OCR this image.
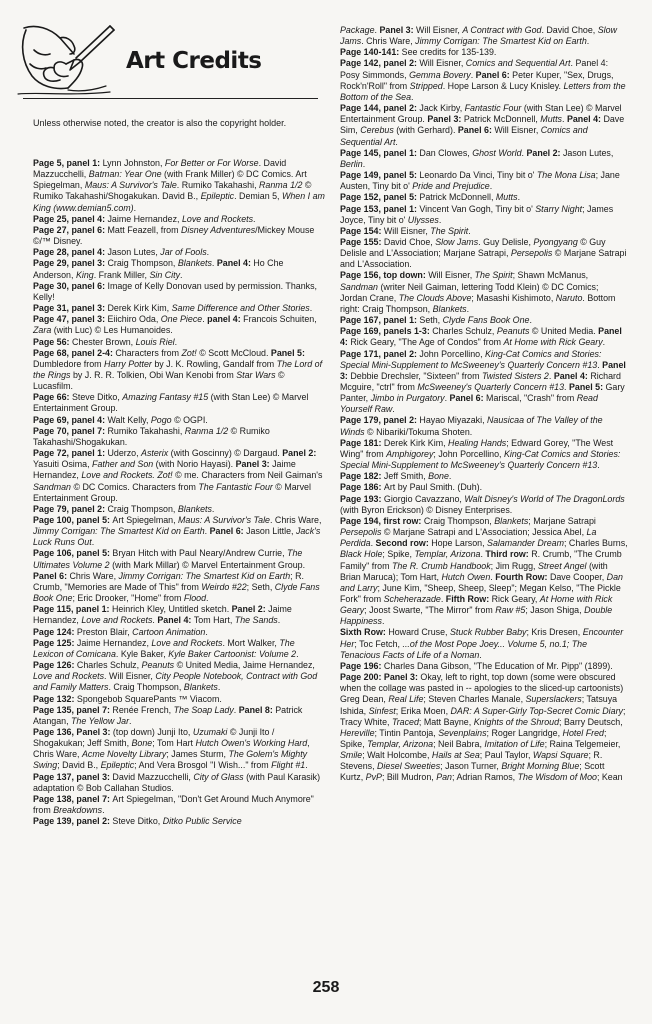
Art Credits

Unless otherwise noted, the creator is also the copyright holder.

Page 5, panel 1: Lynn Johnston, For Better or For Worse. David Mazzucchelli, Batman: Year One (with Frank Miller) © DC Comics. Art Spiegelman, Maus: A Survivor's Tale. Rumiko Takahashi, Ranma 1/2 © Rumiko Takahashi/Shogakukan. David B., Epileptic. Demian 5, When I am King (www.demian5.com).

Page 25, panel 4: Jaime Hernandez, Love and Rockets.

Page 27, panel 6: Matt Feazell, from Disney Adventures/Mickey Mouse ©/™ Disney.

Page 28, panel 4: Jason Lutes, Jar of Fools.

Page 29, panel 3: Craig Thompson, Blankets. Panel 4: Ho Che Anderson, King. Frank Miller, Sin City.

Page 30, panel 6: Image of Kelly Donovan used by permission. Thanks, Kelly!

Page 31, panel 3: Derek Kirk Kim, Same Difference and Other Stories.

Page 47, panel 3: Eiichiro Oda, One Piece. panel 4: Francois Schuiten, Zara (with Luc) © Les Humanoides.

Page 56: Chester Brown, Louis Riel.

Page 68, panel 2-4: Characters from Zot! © Scott McCloud. Panel 5: Dumbledore from Harry Potter by J. K. Rowling, Gandalf from The Lord of the Rings by J. R. R. Tolkien, Obi Wan Kenobi from Star Wars © Lucasfilm.

Page 66: Steve Ditko, Amazing Fantasy #15 (with Stan Lee) © Marvel Entertainment Group.

Page 69, panel 4: Walt Kelly, Pogo © OGPI.

Page 70, panel 7: Rumiko Takahashi, Ranma 1/2 © Rumiko Takahashi/Shogakukan.

Page 72, panel 1: Uderzo, Asterix (with Goscinny) © Dargaud. Panel 2: Yasuiti Osima, Father and Son (with Norio Hayasi). Panel 3: Jaime Hernandez, Love and Rockets. Zot! © me. Characters from Neil Gaiman's Sandman © DC Comics. Characters from The Fantastic Four © Marvel Entertainment Group.

Page 79, panel 2: Craig Thompson, Blankets.

Page 100, panel 5: Art Spiegelman, Maus: A Survivor's Tale. Chris Ware, Jimmy Corrigan: The Smartest Kid on Earth. Panel 6: Jason Little, Jack's Luck Runs Out.

Page 106, panel 5: Bryan Hitch with Paul Neary/Andrew Currie, The Ultimates Volume 2 (with Mark Millar) © Marvel Entertainment Group. Panel 6: Chris Ware, Jimmy Corrigan: The Smartest Kid on Earth; R. Crumb, "Memories are Made of This" from Weirdo #22; Seth, Clyde Fans Book One; Eric Drooker, "Home" from Flood.

Page 115, panel 1: Heinrich Kley, Untitled sketch. Panel 2: Jaime Hernandez, Love and Rockets. Panel 4: Tom Hart, The Sands.

Page 124: Preston Blair, Cartoon Animation.

Page 125: Jaime Hernandez, Love and Rockets. Mort Walker, The Lexicon of Comicana. Kyle Baker, Kyle Baker Cartoonist: Volume 2.

Page 126: Charles Schulz, Peanuts © United Media, Jaime Hernandez, Love and Rockets. Will Eisner, City People Notebook, Contract with God and Family Matters. Craig Thompson, Blankets.

Page 132: Spongebob SquarePants ™ Viacom.

Page 135, panel 7: Renée French, The Soap Lady. Panel 8: Patrick Atangan, The Yellow Jar.

Page 136, Panel 3: (top down) Junji Ito, Uzumaki © Junji Ito / Shogakukan; Jeff Smith, Bone; Tom Hart Hutch Owen's Working Hard, Chris Ware, Acme Novelty Library; James Sturm, The Golem's Mighty Swing; David B., Epileptic; And Vera Brosgol "I Wish..." from Flight #1.

Page 137, panel 3: David Mazzucchelli, City of Glass (with Paul Karasik) adaptation © Bob Callahan Studios.

Page 138, panel 7: Art Spiegelman, "Don't Get Around Much Anymore" from Breakdowns.

Page 139, panel 2: Steve Ditko, Ditko Public Service

Package. Panel 3: Will Eisner, A Contract with God. David Choe, Slow Jams. Chris Ware, Jimmy Corrigan: The Smartest Kid on Earth.

Page 140-141: See credits for 135-139.

Page 142, panel 2: Will Eisner, Comics and Sequential Art. Panel 4: Posy Simmonds, Gemma Bovery. Panel 6: Peter Kuper, "Sex, Drugs, Rock'n'Roll" from Stripped. Hope Larson & Lucy Knisley. Letters from the Bottom of the Sea.

Page 144, panel 2: Jack Kirby, Fantastic Four (with Stan Lee) © Marvel Entertainment Group. Panel 3: Patrick McDonnell, Mutts. Panel 4: Dave Sim, Cerebus (with Gerhard). Panel 6: Will Eisner, Comics and Sequential Art.

Page 145, panel 1: Dan Clowes, Ghost World. Panel 2: Jason Lutes, Berlin.

Page 149, panel 5: Leonardo Da Vinci, Tiny bit o' The Mona Lisa; Jane Austen, Tiny bit o' Pride and Prejudice.

Page 152, panel 5: Patrick McDonnell, Mutts.

Page 153, panel 1: Vincent Van Gogh, Tiny bit o' Starry Night; James Joyce, Tiny bit o' Ulysses.

Page 154: Will Eisner, The Spirit.

Page 155: David Choe, Slow Jams. Guy Delisle, Pyongyang © Guy Delisle and L'Association; Marjane Satrapi, Persepolis © Marjane Satrapi and L'Association.

Page 156, top down: Will Eisner, The Spirit; Shawn McManus, Sandman (writer Neil Gaiman, lettering Todd Klein) © DC Comics; Jordan Crane, The Clouds Above; Masashi Kishimoto, Naruto. Bottom right: Craig Thompson, Blankets.

Page 167, panel 1: Seth, Clyde Fans Book One.

Page 169, panels 1-3: Charles Schulz, Peanuts © United Media. Panel 4: Rick Geary, "The Age of Condos" from At Home with Rick Geary.

Page 171, panel 2: John Porcellino, King-Cat Comics and Stories: Special Mini-Supplement to McSweeney's Quarterly Concern #13. Panel 3: Debbie Drechsler, "Sixteen" from Twisted Sisters 2. Panel 4: Richard Mcguire, "ctrl" from McSweeney's Quarterly Concern #13. Panel 5: Gary Panter, Jimbo in Purgatory. Panel 6: Mariscal, "Crash" from Read Yourself Raw.

Page 179, panel 2: Hayao Miyazaki, Nausicaa of The Valley of the Winds © Nibariki/Tokuma Shoten.

Page 181: Derek Kirk Kim, Healing Hands; Edward Gorey, "The West Wing" from Amphigorey; John Porcellino, King-Cat Comics and Stories: Special Mini-Supplement to McSweeney's Quarterly Concern #13.

Page 182: Jeff Smith, Bone.

Page 186: Art by Paul Smith. (Duh).

Page 193: Giorgio Cavazzano, Walt Disney's World of The DragonLords (with Byron Erickson) © Disney Enterprises.

Page 194, first row: Craig Thompson, Blankets; Marjane Satrapi Persepolis © Marjane Satrapi and L'Association; Jessica Abel, La Perdida. Second row: Hope Larson, Salamander Dream; Charles Burns, Black Hole; Spike, Templar, Arizona. Third row: R. Crumb, "The Crumb Family" from The R. Crumb Handbook; Jim Rugg, Street Angel (with Brian Maruca); Tom Hart, Hutch Owen. Fourth Row: Dave Cooper, Dan and Larry; June Kim, "Sheep, Sheep, Sleep"; Megan Kelso, "The Pickle Fork" from Scheherazade. Fifth Row: Rick Geary, At Home with Rick Geary; Joost Swarte, "The Mirror" from Raw #5; Jason Shiga, Double Happiness.

Sixth Row: Howard Cruse, Stuck Rubber Baby; Kris Dresen, Encounter Her; Toc Fetch, ...of the Most Pope Joey... Volume 5, no.1; The Tenacious Facts of Life of a Noman.

Page 196: Charles Dana Gibson, "The Education of Mr. Pipp" (1899).

Page 200: Panel 3: Okay, left to right, top down (some were obscured when the collage was pasted in -- apologies to the sliced-up cartoonists) Greg Dean, Real Life; Steven Charles Manale, Superslackers; Tatsuya Ishida, Sinfest; Erika Moen, DAR: A Super-Girly Top-Secret Comic Diary; Tracy White, Traced; Matt Bayne, Knights of the Shroud; Barry Deutsch, Hereville; Tintin Pantoja, Sevenplains; Roger Langridge, Hotel Fred; Spike, Templar, Arizona; Neil Babra, Imitation of Life; Raina Telgemeier, Smile; Walt Holcombe, Hails at Sea; Paul Taylor, Wapsi Square; R. Stevens, Diesel Sweeties; Jason Turner, Bright Morning Blue; Scott Kurtz, PvP; Bill Mudron, Pan; Adrian Ramos, The Wisdom of Moo; Kean

258
